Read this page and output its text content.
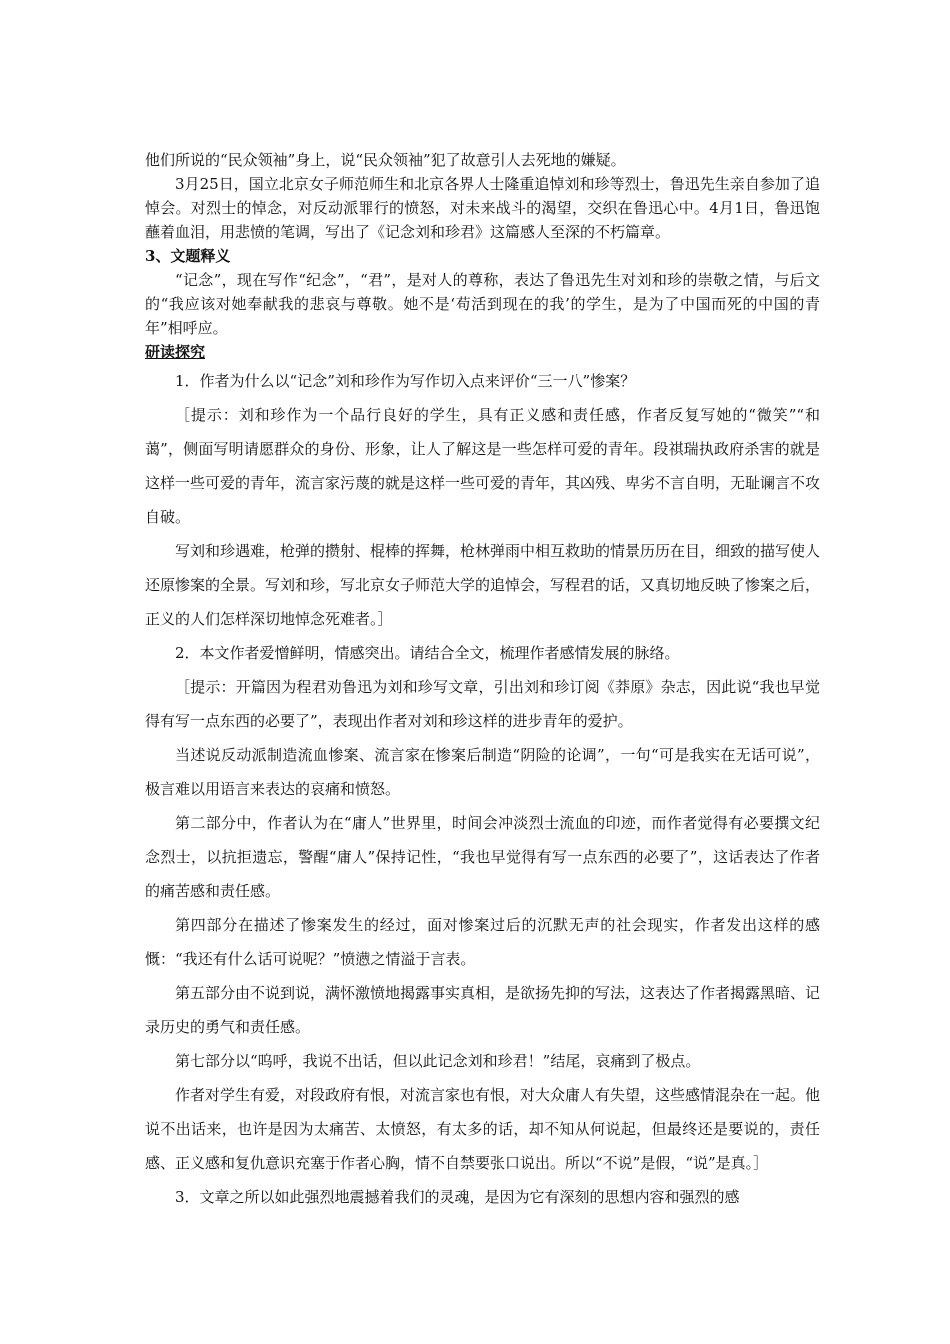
他们所说的“民众领袖”身上，说“民众领袖”犯了故意引人去死地的嫌疑。

3月25日，国立北京女子师范师生和北京各界人士隆重追悼刘和珍等烈士，鲁迅先生亲自参加了追悼会。对烈士的悼念，对反动派罪行的愤怒，对未来战斗的渴望，交织在鲁迅心中。4月1日，鲁迅饱蘸着血泪，用悲愤的笔调，写出了《记念刘和珍君》这篇感人至深的不朽篇章。

3、文题释义

“记念”，现在写作“纪念”，“君”，是对人的尊称，表达了鲁迅先生对刘和珍的崇敬之情，与后文的“我应该对她奉献我的悲哀与尊敬。她不是‘苟活到现在的我’的学生，是为了中国而死的中国的青年”相呼应。

研读探究

1．作者为什么以“记念”刘和珍作为写作切入点来评价“三一八”惨案？

［提示：刘和珍作为一个品行良好的学生，具有正义感和责任感，作者反复写她的“微笑”“和蔼”，侧面写明请愿群众的身份、形象，让人了解这是一些怎样可爱的青年。段祺瑞执政府杀害的就是这样一些可爱的青年，流言家污蔑的就是这样一些可爱的青年，其凶残、卑劣不言自明，无耻谰言不攻自破。

写刘和珍遇难，枪弹的攒射、棍棒的挥舞，枪林弹雨中相互救助的情景历历在目，细致的描写使人还原惨案的全景。写刘和珍，写北京女子师范大学的追悼会，写程君的话，又真切地反映了惨案之后，正义的人们怎样深切地悼念死难者。］

2．本文作者爱憎鲜明，情感突出。请结合全文，梳理作者感情发展的脉络。

［提示：开篇因为程君劝鲁迅为刘和珍写文章，引出刘和珍订阅《莽原》杂志，因此说“我也早觉得有写一点东西的必要了”，表现出作者对刘和珍这样的进步青年的爱护。

当述说反动派制造流血惨案、流言家在惨案后制造“阴险的论调”，一句“可是我实在无话可说”，极言难以用语言来表达的哀痛和愤怒。

第二部分中，作者认为在“庸人”世界里，时间会冲淡烈士流血的印迹，而作者觉得有必要撰文纪念烈士，以抗拒遗忘，警醒“庸人”保持记性，“我也早觉得有写一点东西的必要了”，这话表达了作者的痛苦感和责任感。

第四部分在描述了惨案发生的经过，面对惨案过后的沉默无声的社会现实，作者发出这样的感慨：“我还有什么话可说呢？”愤懑之情溢于言表。

第五部分由不说到说，满怀激愤地揭露事实真相，是欲扬先抑的写法，这表达了作者揭露黑暗、记录历史的勇气和责任感。

第七部分以“呜呼，我说不出话，但以此记念刘和珍君！”结尾，哀痛到了极点。

作者对学生有爱，对段政府有恨，对流言家也有恨，对大众庸人有失望，这些感情混杂在一起。他说不出话来，也许是因为太痛苦、太愤怒，有太多的话，却不知从何说起，但最终还是要说的，责任感、正义感和复仇意识充塞于作者心胸，情不自禁要张口说出。所以“不说”是假，“说”是真。］

3．文章之所以如此强烈地震撼着我们的灵魂，是因为它有深刻的思想内容和强烈的感
